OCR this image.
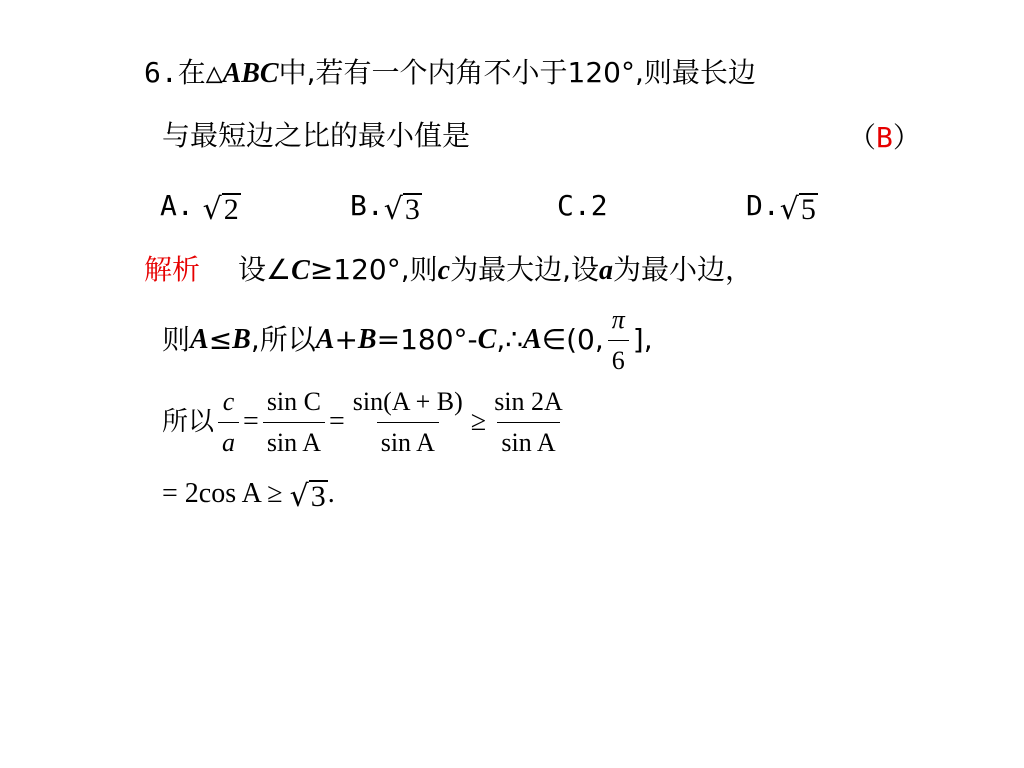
6.在△ABC中,若有一个内角不小于120°,则最长边
与最短边之比的最小值是	（B）
A. √2	B.√3	C.2	D.√5
解析 设∠C≥120°,则c为最大边,设a为最小边，
则 A ≤ B ,所以 A + B =180°- C ,∴ A ∈(0, $\frac{\pi}{6}$ ],
所以 $\frac{c}{a} = \frac{\text{sin C}}{\text{sin A}} = \frac{\sin(A + B)}{\text{sin A}} \ge \frac{\sin 2A}{\text{sin A}}$
= 2cos A ≥ √3.
